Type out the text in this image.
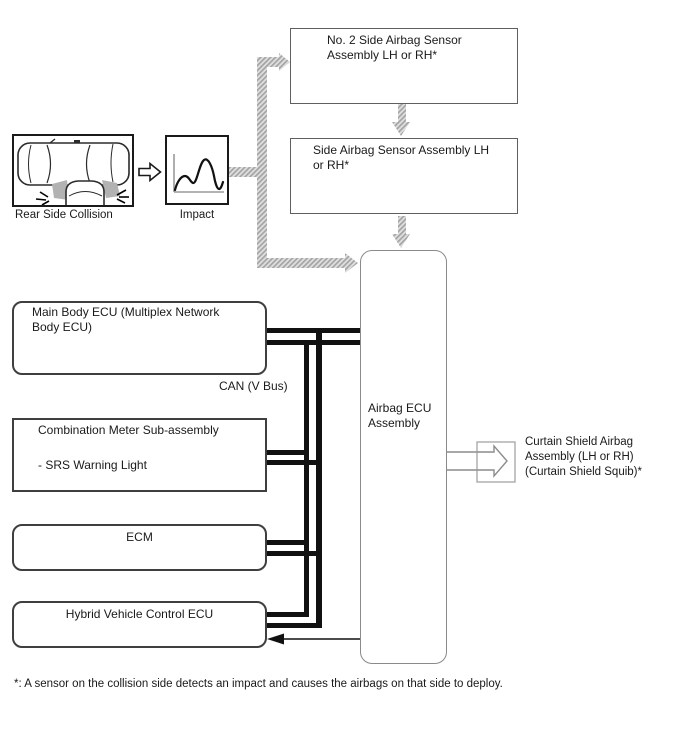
Rear Side Collision	Impact
No. 2 Side Airbag Sensor
Assembly LH or RH*
Side Airbag Sensor Assembly LH
or RH*
Airbag ECU
Assembly
Main Body ECU (Multiplex Network
Body ECU)
CAN (V Bus)
Combination Meter Sub-assembly
- SRS Warning Light
ECM
Hybrid Vehicle Control ECU
Curtain Shield Airbag
Assembly (LH or RH)
(Curtain Shield Squib)*
*: A sensor on the collision side detects an impact and causes the airbags on that side to deploy.
